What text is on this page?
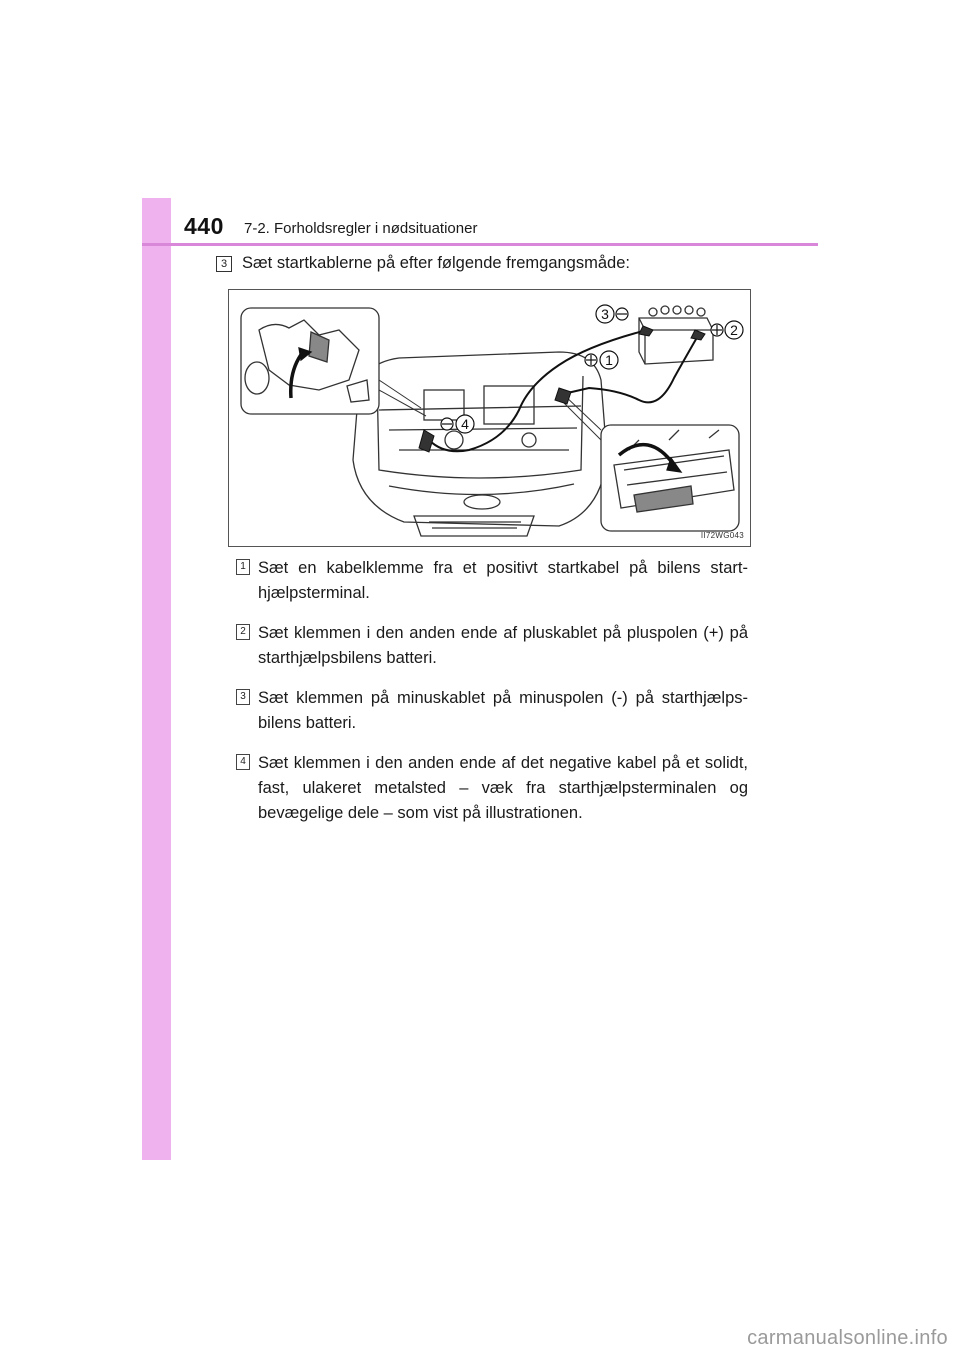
440 7-2. Forholdsregler i nødsituationer
3 Sæt startkablerne på efter følgende fremgangsmåde:
3
2
1
4
II72WG043
1 Sæt en kabelklemme fra et positivt startkabel på bilens start-hjælpsterminal.
2 Sæt klemmen i den anden ende af pluskablet på pluspolen (+) på starthjælpsbilens batteri.
3 Sæt klemmen på minuskablet på minuspolen (-) på starthjælps-bilens batteri.
4 Sæt klemmen i den anden ende af det negative kabel på et solidt, fast, ulakeret metalsted – væk fra starthjælpsterminalen og bevægelige dele – som vist på illustrationen.
carmanualsonline.info
